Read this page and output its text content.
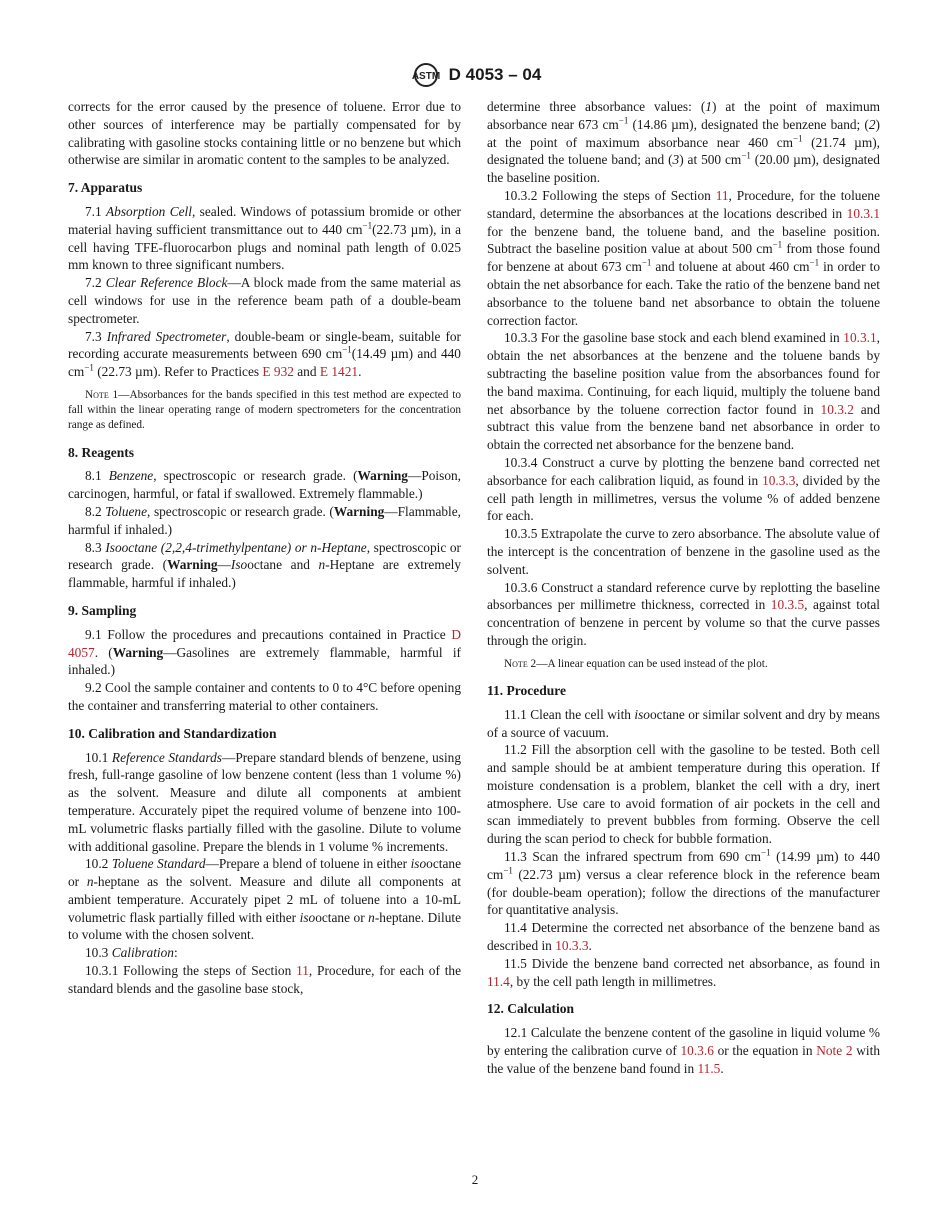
ASTM D 4053 – 04

corrects for the error caused by the presence of toluene. Error due to other sources of interference may be partially compensated for by calibrating with gasoline stocks containing little or no benzene but which otherwise are similar in aromatic content to the samples to be analyzed.

7. Apparatus

7.1 Absorption Cell, sealed. Windows of potassium bromide or other material having sufficient transmittance out to 440 $cm^{-1}(22.73$ µm), in a cell having TFE-fluorocarbon plugs and nominal path length of 0.025 mm known to three significant numbers.

7.2 Clear Reference Block—A block made from the same material as cell windows for use in the reference beam path of a double-beam spectrometer.

7.3 Infrared Spectrometer, double-beam or single-beam, suitable for recording accurate measurements between 690 $cm^{-1}(14.49$ µm) and 440 $cm^{-1}$ (22.73 µm). Refer to Practices E 932 and E 1421.

Note 1—Absorbances for the bands specified in this test method are expected to fall within the linear operating range of modern spectrometers for the concentration range as defined.

8. Reagents

8.1 Benzene, spectroscopic or research grade. (Warning—Poison, carcinogen, harmful, or fatal if swallowed. Extremely flammable.)

8.2 Toluene, spectroscopic or research grade. (Warning—Flammable, harmful if inhaled.)

8.3 Isooctane (2,2,4-trimethylpentane) or n-Heptane, spectroscopic or research grade. (Warning—Isooctane and n-Heptane are extremely flammable, harmful if inhaled.)

9. Sampling

9.1 Follow the procedures and precautions contained in Practice D 4057. (Warning—Gasolines are extremely flammable, harmful if inhaled.)

9.2 Cool the sample container and contents to 0 to 4°C before opening the container and transferring material to other containers.

10. Calibration and Standardization

10.1 Reference Standards—Prepare standard blends of benzene, using fresh, full-range gasoline of low benzene content (less than 1 volume %) as the solvent. Measure and dilute all components at ambient temperature. Accurately pipet the required volume of benzene into 100-mL volumetric flasks partially filled with the gasoline. Dilute to volume with additional gasoline. Prepare the blends in 1 volume % increments.

10.2 Toluene Standard—Prepare a blend of toluene in either isooctane or n-heptane as the solvent. Measure and dilute all components at ambient temperature. Accurately pipet 2 mL of toluene into a 10-mL volumetric flask partially filled with either isooctane or n-heptane. Dilute to volume with the chosen solvent.

10.3 Calibration:

10.3.1 Following the steps of Section 11, Procedure, for each of the standard blends and the gasoline base stock,

determine three absorbance values: (1) at the point of maximum absorbance near 673 $cm^{-1}$ (14.86 µm), designated the benzene band; (2) at the point of maximum absorbance near 460 $cm^{-1}$ (21.74 µm), designated the toluene band; and (3) at 500 $cm^{-1}$ (20.00 µm), designated the baseline position.

10.3.2 Following the steps of Section 11, Procedure, for the toluene standard, determine the absorbances at the locations described in 10.3.1 for the benzene band, the toluene band, and the baseline position. Subtract the baseline position value at about 500 $cm^{-1}$ from those found for benzene at about 673 $cm^{-1}$ and toluene at about 460 $cm^{-1}$ in order to obtain the net absorbance for each. Take the ratio of the benzene band net absorbance to the toluene band net absorbance to obtain the toluene correction factor.

10.3.3 For the gasoline base stock and each blend examined in 10.3.1, obtain the net absorbances at the benzene and the toluene bands by subtracting the baseline position value from the absorbances found for the band maxima. Continuing, for each liquid, multiply the toluene band net absorbance by the toluene correction factor found in 10.3.2 and subtract this value from the benzene band net absorbance in order to obtain the corrected net absorbance for the benzene band.

10.3.4 Construct a curve by plotting the benzene band corrected net absorbance for each calibration liquid, as found in 10.3.3, divided by the cell path length in millimetres, versus the volume % of added benzene for each.

10.3.5 Extrapolate the curve to zero absorbance. The absolute value of the intercept is the concentration of benzene in the gasoline used as the solvent.

10.3.6 Construct a standard reference curve by replotting the baseline absorbances per millimetre thickness, corrected in 10.3.5, against total concentration of benzene in percent by volume so that the curve passes through the origin.

Note 2—A linear equation can be used instead of the plot.

11. Procedure

11.1 Clean the cell with isooctane or similar solvent and dry by means of a source of vacuum.

11.2 Fill the absorption cell with the gasoline to be tested. Both cell and sample should be at ambient temperature during this operation. If moisture condensation is a problem, blanket the cell with a dry, inert atmosphere. Use care to avoid formation of air pockets in the cell and scan immediately to prevent bubbles from forming. Observe the cell during the scan period to check for bubble formation.

11.3 Scan the infrared spectrum from 690 $cm^{-1}$ (14.99 µm) to 440 $cm^{-1}$ (22.73 µm) versus a clear reference block in the reference beam (for double-beam operation); follow the directions of the manufacturer for quantitative analysis.

11.4 Determine the corrected net absorbance of the benzene band as described in 10.3.3.

11.5 Divide the benzene band corrected net absorbance, as found in 11.4, by the cell path length in millimetres.

12. Calculation

12.1 Calculate the benzene content of the gasoline in liquid volume % by entering the calibration curve of 10.3.6 or the equation in Note 2 with the value of the benzene band found in 11.5.

2
